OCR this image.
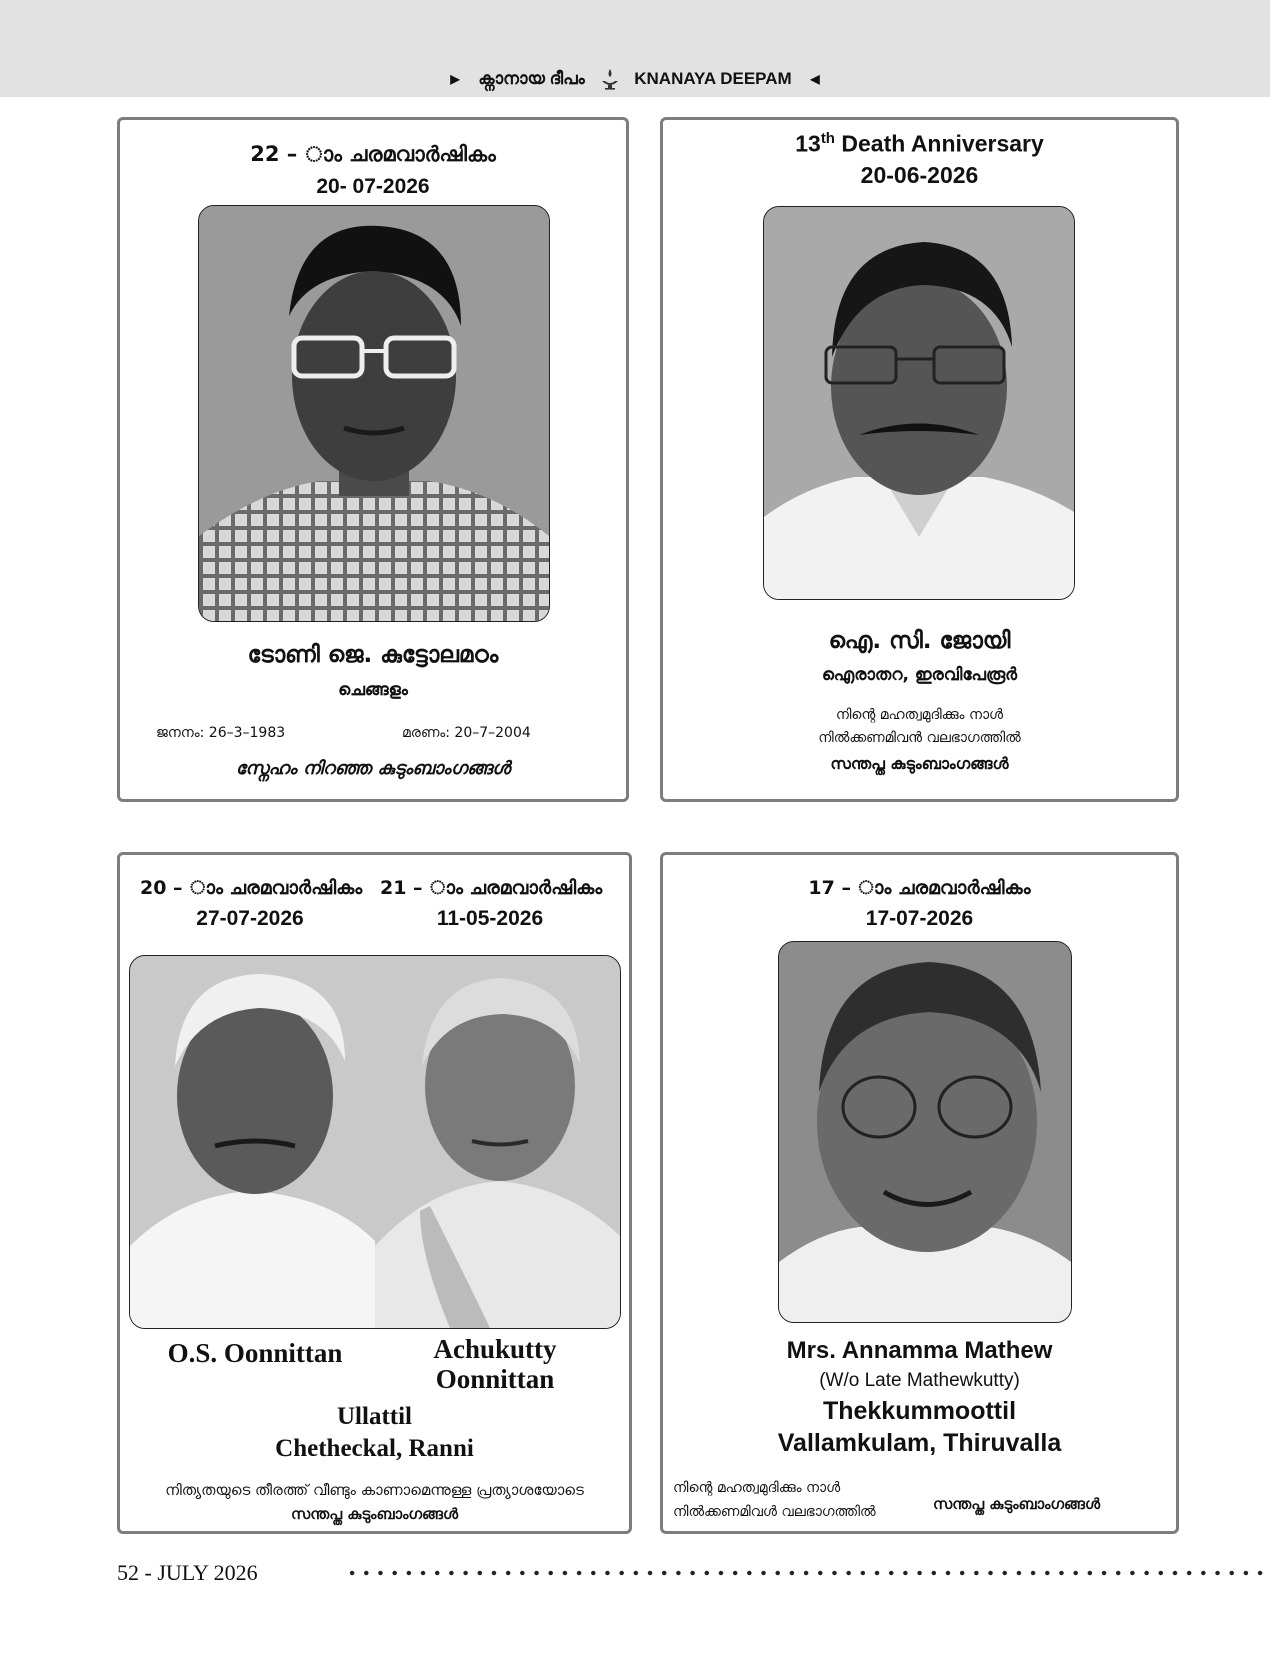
▶ ക്നാനായ ദീപം	KNANAYA DEEPAM ◀
22 – ാം ചരമവാർഷികം
20- 07-2026
ടോണി ജെ. കുട്ടോലമഠം
ചെങ്ങളം
ജനനം: 26–3–1983	മരണം: 20–7–2004
സ്നേഹം നിറഞ്ഞ കുടുംബാംഗങ്ങൾ
13th Death Anniversary
20-06-2026
ഐ. സി. ജോയി
ഐരാതറ, ഇരവിപേരൂർ
നിന്റെ മഹത്വമുദിക്കും നാൾ
നിൽക്കണമിവൻ വലഭാഗത്തിൽ
സന്തപ്ത കുടുംബാംഗങ്ങൾ
20 – ാം ചരമവാർഷികം
27-07-2026
21 – ാം ചരമവാർഷികം
11-05-2026
O.S. Oonnittan	Achukutty
Oonnittan
Ullattil
Chetheckal, Ranni
നിത്യതയുടെ തീരത്ത് വീണ്ടും കാണാമെന്നുള്ള പ്രത്യാശയോടെ
സന്തപ്ത കുടുംബാംഗങ്ങൾ
17 – ാം ചരമവാർഷികം
17-07-2026
Mrs. Annamma Mathew
(W/o Late Mathewkutty)
Thekkummoottil
Vallamkulam, Thiruvalla
നിന്റെ മഹത്വമുദിക്കും നാൾ
നിൽക്കണമിവൾ വലഭാഗത്തിൽ	സന്തപ്ത കുടുംബാംഗങ്ങൾ
52 - JULY 2026
